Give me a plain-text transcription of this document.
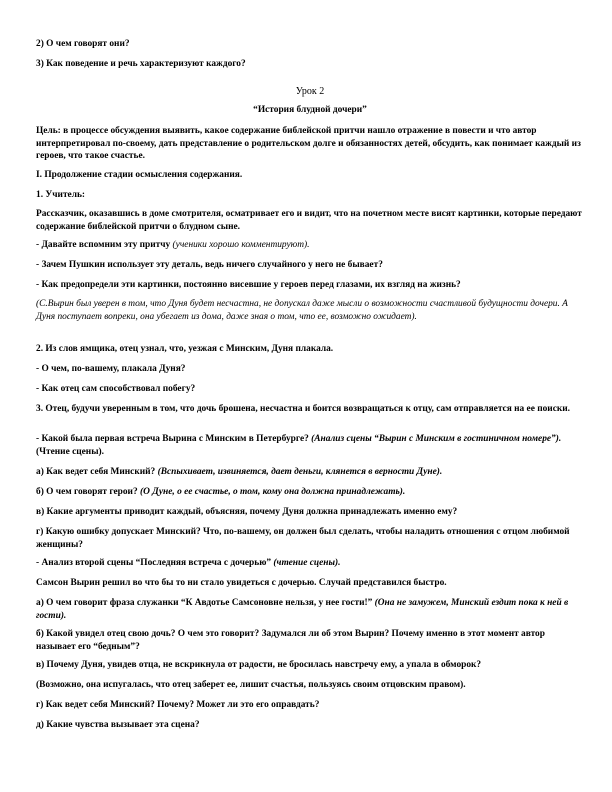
2) О чем говорят они?

3) Как поведение и речь характеризуют каждого?

Урок 2

“История блудной дочери”

Цель: в процессе обсуждения выявить, какое содержание библейской притчи нашло отражение в повести и что автор интерпретировал по-своему, дать представление о родительском долге и обязанностях детей, обсудить, как понимает каждый из героев, что такое счастье.

I. Продолжение стадии осмысления содержания.

1. Учитель:

Рассказчик, оказавшись в доме смотрителя, осматривает его и видит, что на почетном месте висят картинки, которые передают содержание библейской притчи о блудном сыне.

- Давайте вспомним эту притчу (ученики хорошо комментируют).

- Зачем Пушкин использует эту деталь, ведь ничего случайного у него не бывает?

- Как предопредели эти картинки, постоянно висевшие у героев перед глазами, их взгляд на жизнь?

(С.Вырин был уверен в том, что Дуня будет несчастна, не допускал даже мысли о возможности счастливой будущности дочери. А Дуня поступает вопреки, она убегает из дома, даже зная о том, что ее, возможно ожидает).

2. Из слов ямщика, отец узнал, что, уезжая с Минским, Дуня плакала.

- О чем, по-вашему, плакала Дуня?

- Как отец сам способствовал побегу?

3. Отец, будучи уверенным в том, что дочь брошена, несчастна и боится возвращаться к отцу, сам отправляется на ее поиски.

- Какой была первая встреча Вырина с Минским в Петербурге? (Анализ сцены “Вырин с Минским в гостиничном номере”). (Чтение сцены).

а) Как ведет себя Минский? (Вспыхивает, извиняется, дает деньги, клянется в верности Дуне).

б) О чем говорят герои? (О Дуне, о ее счастье, о том, кому она должна принадлежать).

в) Какие аргументы приводит каждый, объясняя, почему Дуня должна принадлежать именно ему?

г) Какую ошибку допускает Минский? Что, по-вашему, он должен был сделать, чтобы наладить отношения с отцом любимой женщины?

- Анализ второй сцены “Последняя встреча с дочерью” (чтение сцены).

Самсон Вырин решил во что бы то ни стало увидеться с дочерью. Случай представился быстро.

а) О чем говорит фраза служанки “К Авдотье Самсоновне нельзя, у нее гости!” (Она не замужем, Минский ездит пока к ней в гости).

б) Какой увидел отец свою дочь? О чем это говорит? Задумался ли об этом Вырин? Почему именно в этот момент автор называет его “бедным”?

в) Почему Дуня, увидев отца, не вскрикнула от радости, не бросилась навстречу ему, а упала в обморок?

(Возможно, она испугалась, что отец заберет ее, лишит счастья, пользуясь своим отцовским правом).

г) Как ведет себя Минский? Почему? Может ли это его оправдать?

д) Какие чувства вызывает эта сцена?
